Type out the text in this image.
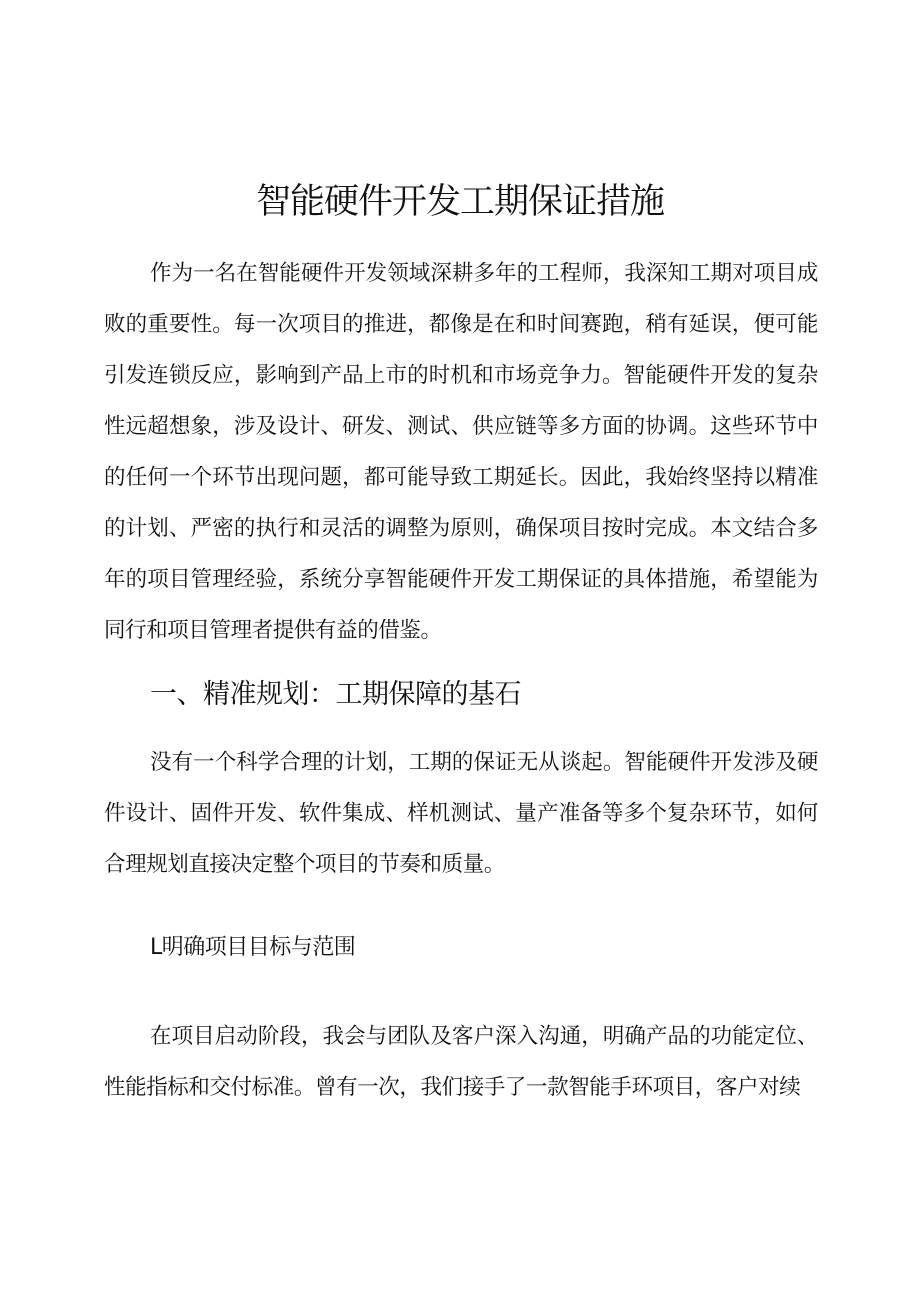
智能硬件开发工期保证措施

作为一名在智能硬件开发领域深耕多年的工程师，我深知工期对项目成败的重要性。每一次项目的推进，都像是在和时间赛跑，稍有延误，便可能引发连锁反应，影响到产品上市的时机和市场竞争力。智能硬件开发的复杂性远超想象，涉及设计、研发、测试、供应链等多方面的协调。这些环节中的任何一个环节出现问题，都可能导致工期延长。因此，我始终坚持以精准的计划、严密的执行和灵活的调整为原则，确保项目按时完成。本文结合多年的项目管理经验，系统分享智能硬件开发工期保证的具体措施，希望能为同行和项目管理者提供有益的借鉴。

一、精准规划：工期保障的基石

没有一个科学合理的计划，工期的保证无从谈起。智能硬件开发涉及硬件设计、固件开发、软件集成、样机测试、量产准备等多个复杂环节，如何合理规划直接决定整个项目的节奏和质量。

L明确项目目标与范围

在项目启动阶段，我会与团队及客户深入沟通，明确产品的功能定位、性能指标和交付标准。曾有一次，我们接手了一款智能手环项目，客户对续
